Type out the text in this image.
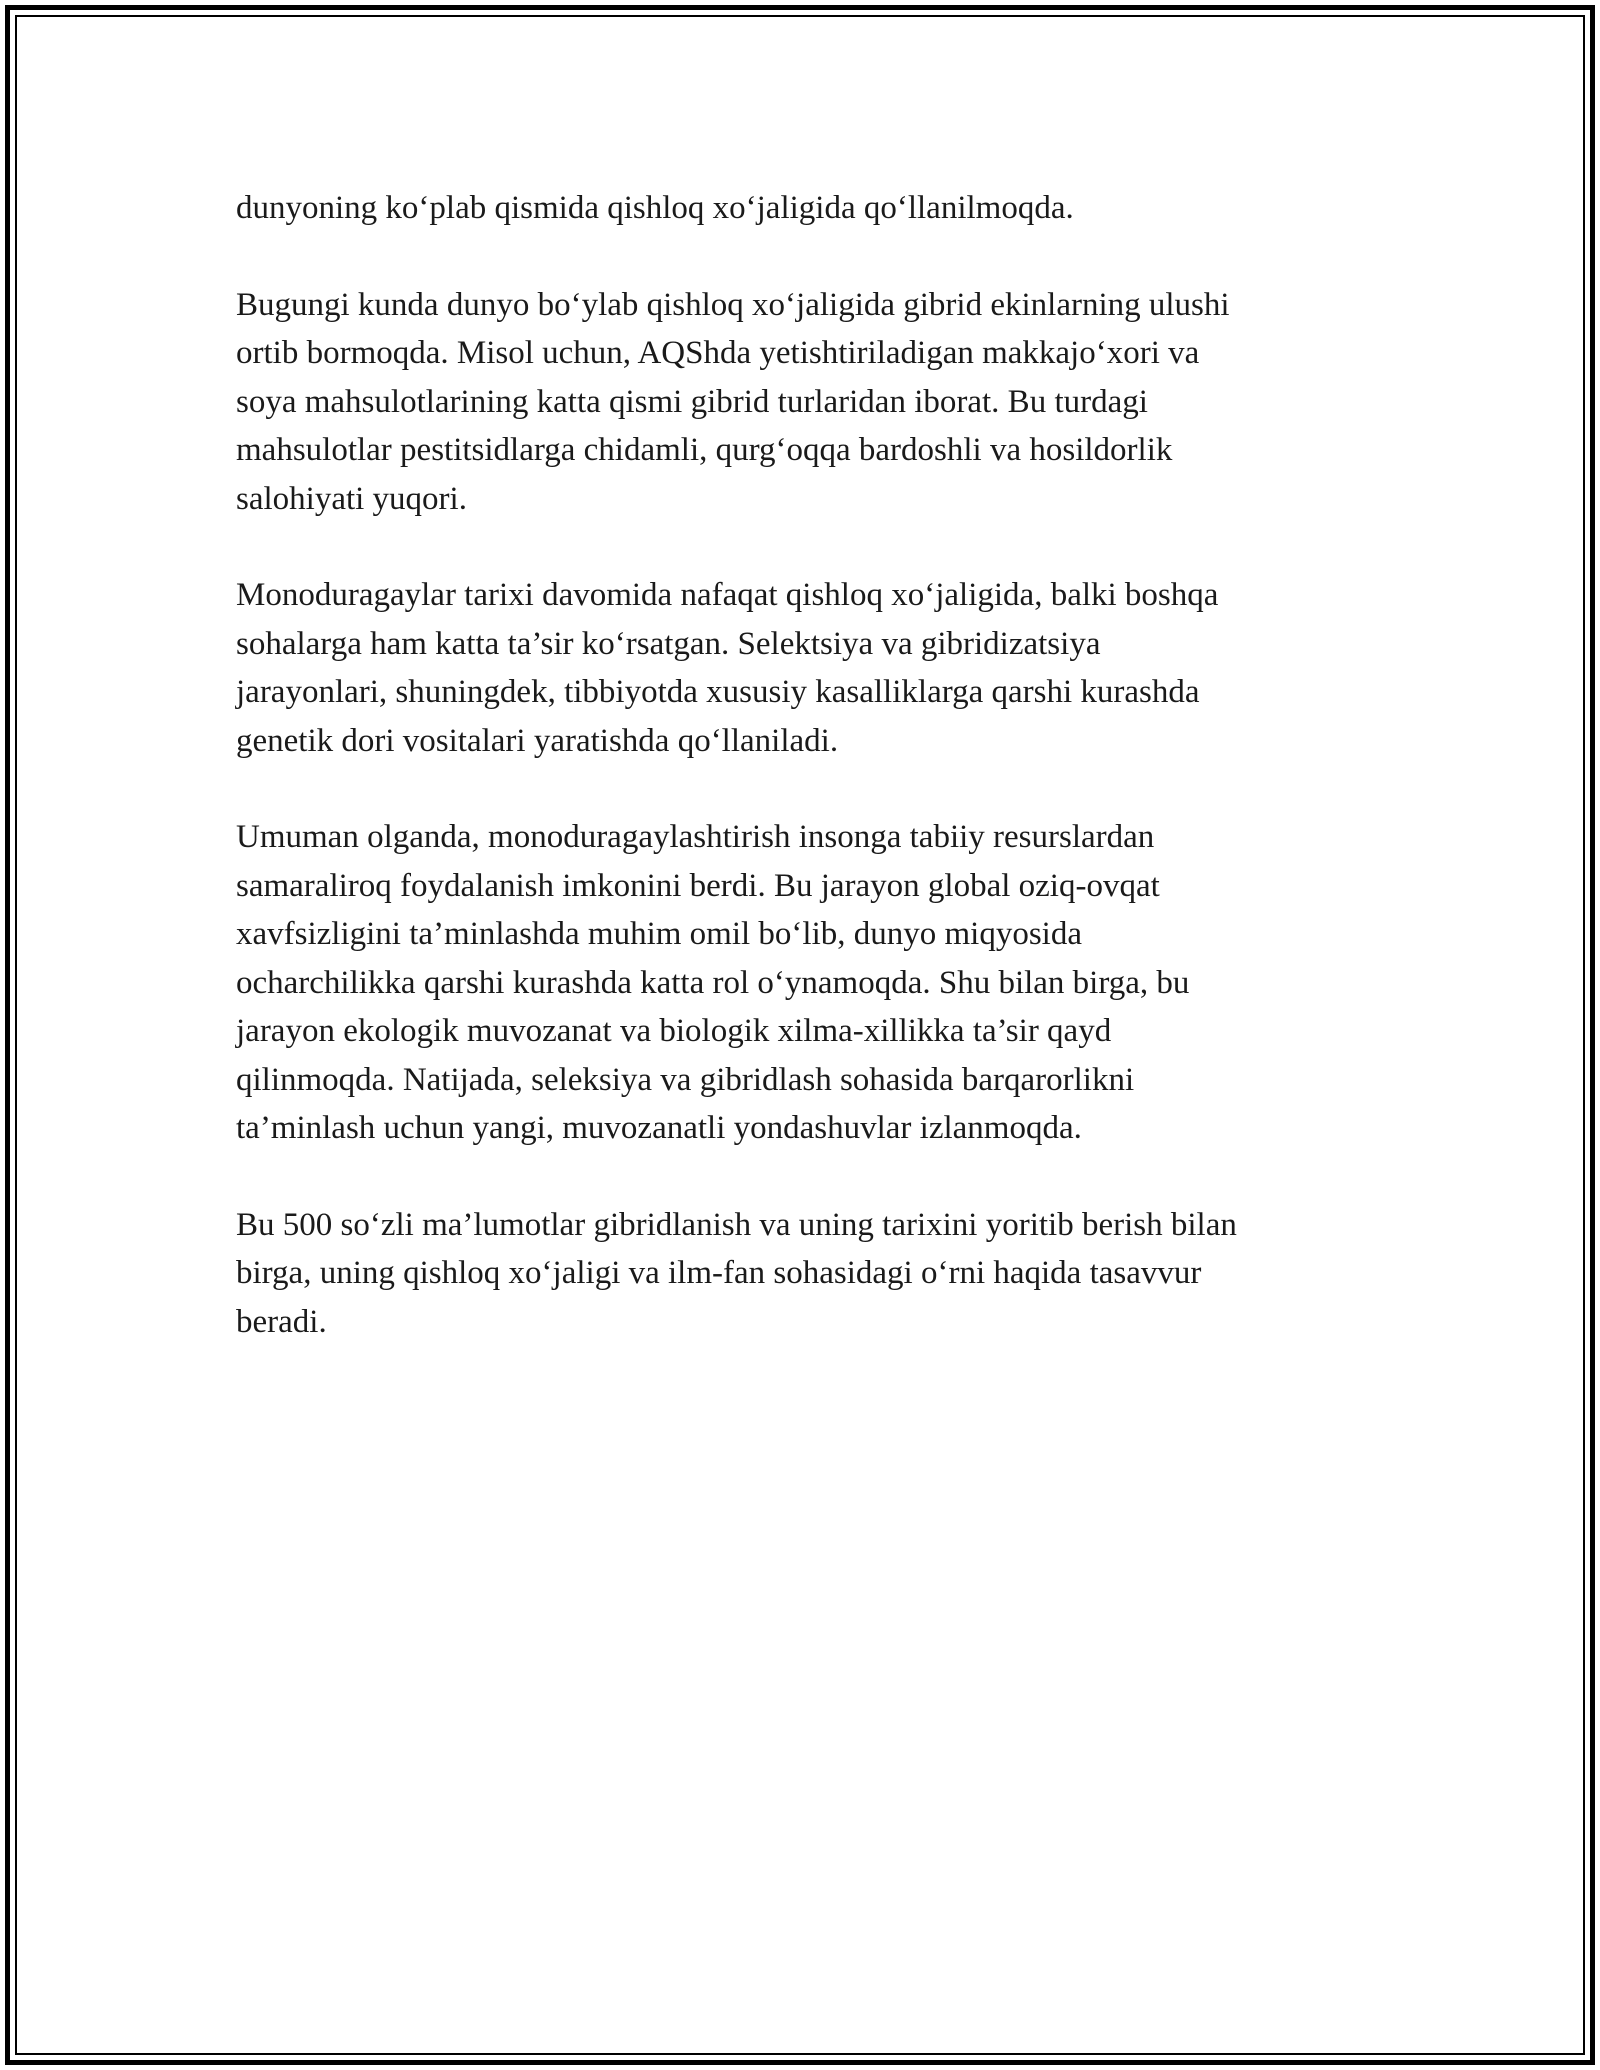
dunyoning ko‘plab qismida qishloq xo‘jaligida qo‘llanilmoqda.

Bugungi kunda dunyo bo‘ylab qishloq xo‘jaligida gibrid ekinlarning ulushi
ortib bormoqda. Misol uchun, AQShda yetishtiriladigan makkajo‘xori va
soya mahsulotlarining katta qismi gibrid turlaridan iborat. Bu turdagi
mahsulotlar pestitsidlarga chidamli, qurg‘oqqa bardoshli va hosildorlik
salohiyati yuqori.

Monoduragaylar tarixi davomida nafaqat qishloq xo‘jaligida, balki boshqa
sohalarga ham katta ta’sir ko‘rsatgan. Selektsiya va gibridizatsiya
jarayonlari, shuningdek, tibbiyotda xususiy kasalliklarga qarshi kurashda
genetik dori vositalari yaratishda qo‘llaniladi.

Umuman olganda, monoduragaylashtirish insonga tabiiy resurslardan
samaraliroq foydalanish imkonini berdi. Bu jarayon global oziq-ovqat
xavfsizligini ta’minlashda muhim omil bo‘lib, dunyo miqyosida
ocharchilikka qarshi kurashda katta rol o‘ynamoqda. Shu bilan birga, bu
jarayon ekologik muvozanat va biologik xilma-xillikka ta’sir qayd
qilinmoqda. Natijada, seleksiya va gibridlash sohasida barqarorlikni
ta’minlash uchun yangi, muvozanatli yondashuvlar izlanmoqda.

Bu 500 so‘zli ma’lumotlar gibridlanish va uning tarixini yoritib berish bilan
birga, uning qishloq xo‘jaligi va ilm-fan sohasidagi o‘rni haqida tasavvur
beradi.
